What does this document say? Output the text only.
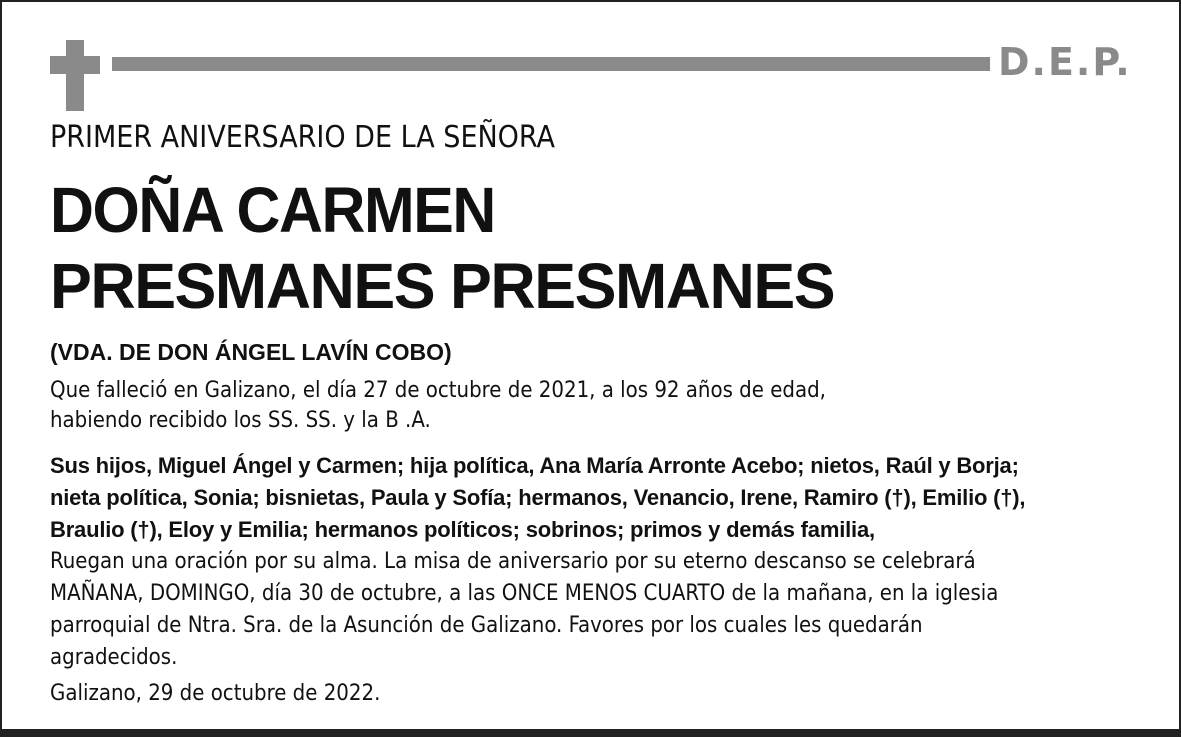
D.E.P.

PRIMER ANIVERSARIO DE LA SEÑORA

DOÑA CARMEN

PRESMANES PRESMANES

(VDA. DE DON ÁNGEL LAVÍN COBO)

Que falleció en Galizano, el día 27 de octubre de 2021, a los 92 años de edad,
habiendo recibido los SS. SS. y la B .A.

Sus hijos, Miguel Ángel y Carmen; hija política, Ana María Arronte Acebo; nietos, Raúl y Borja;
nieta política, Sonia; bisnietas, Paula y Sofía; hermanos, Venancio, Irene, Ramiro (†), Emilio (†),
Braulio (†), Eloy y Emilia; hermanos políticos; sobrinos; primos y demás familia,

Ruegan una oración por su alma. La misa de aniversario por su eterno descanso se celebrará
MAÑANA, DOMINGO, día 30 de octubre, a las ONCE MENOS CUARTO de la mañana, en la iglesia
parroquial de Ntra. Sra. de la Asunción de Galizano. Favores por los cuales les quedarán
agradecidos.

Galizano, 29 de octubre de 2022.
